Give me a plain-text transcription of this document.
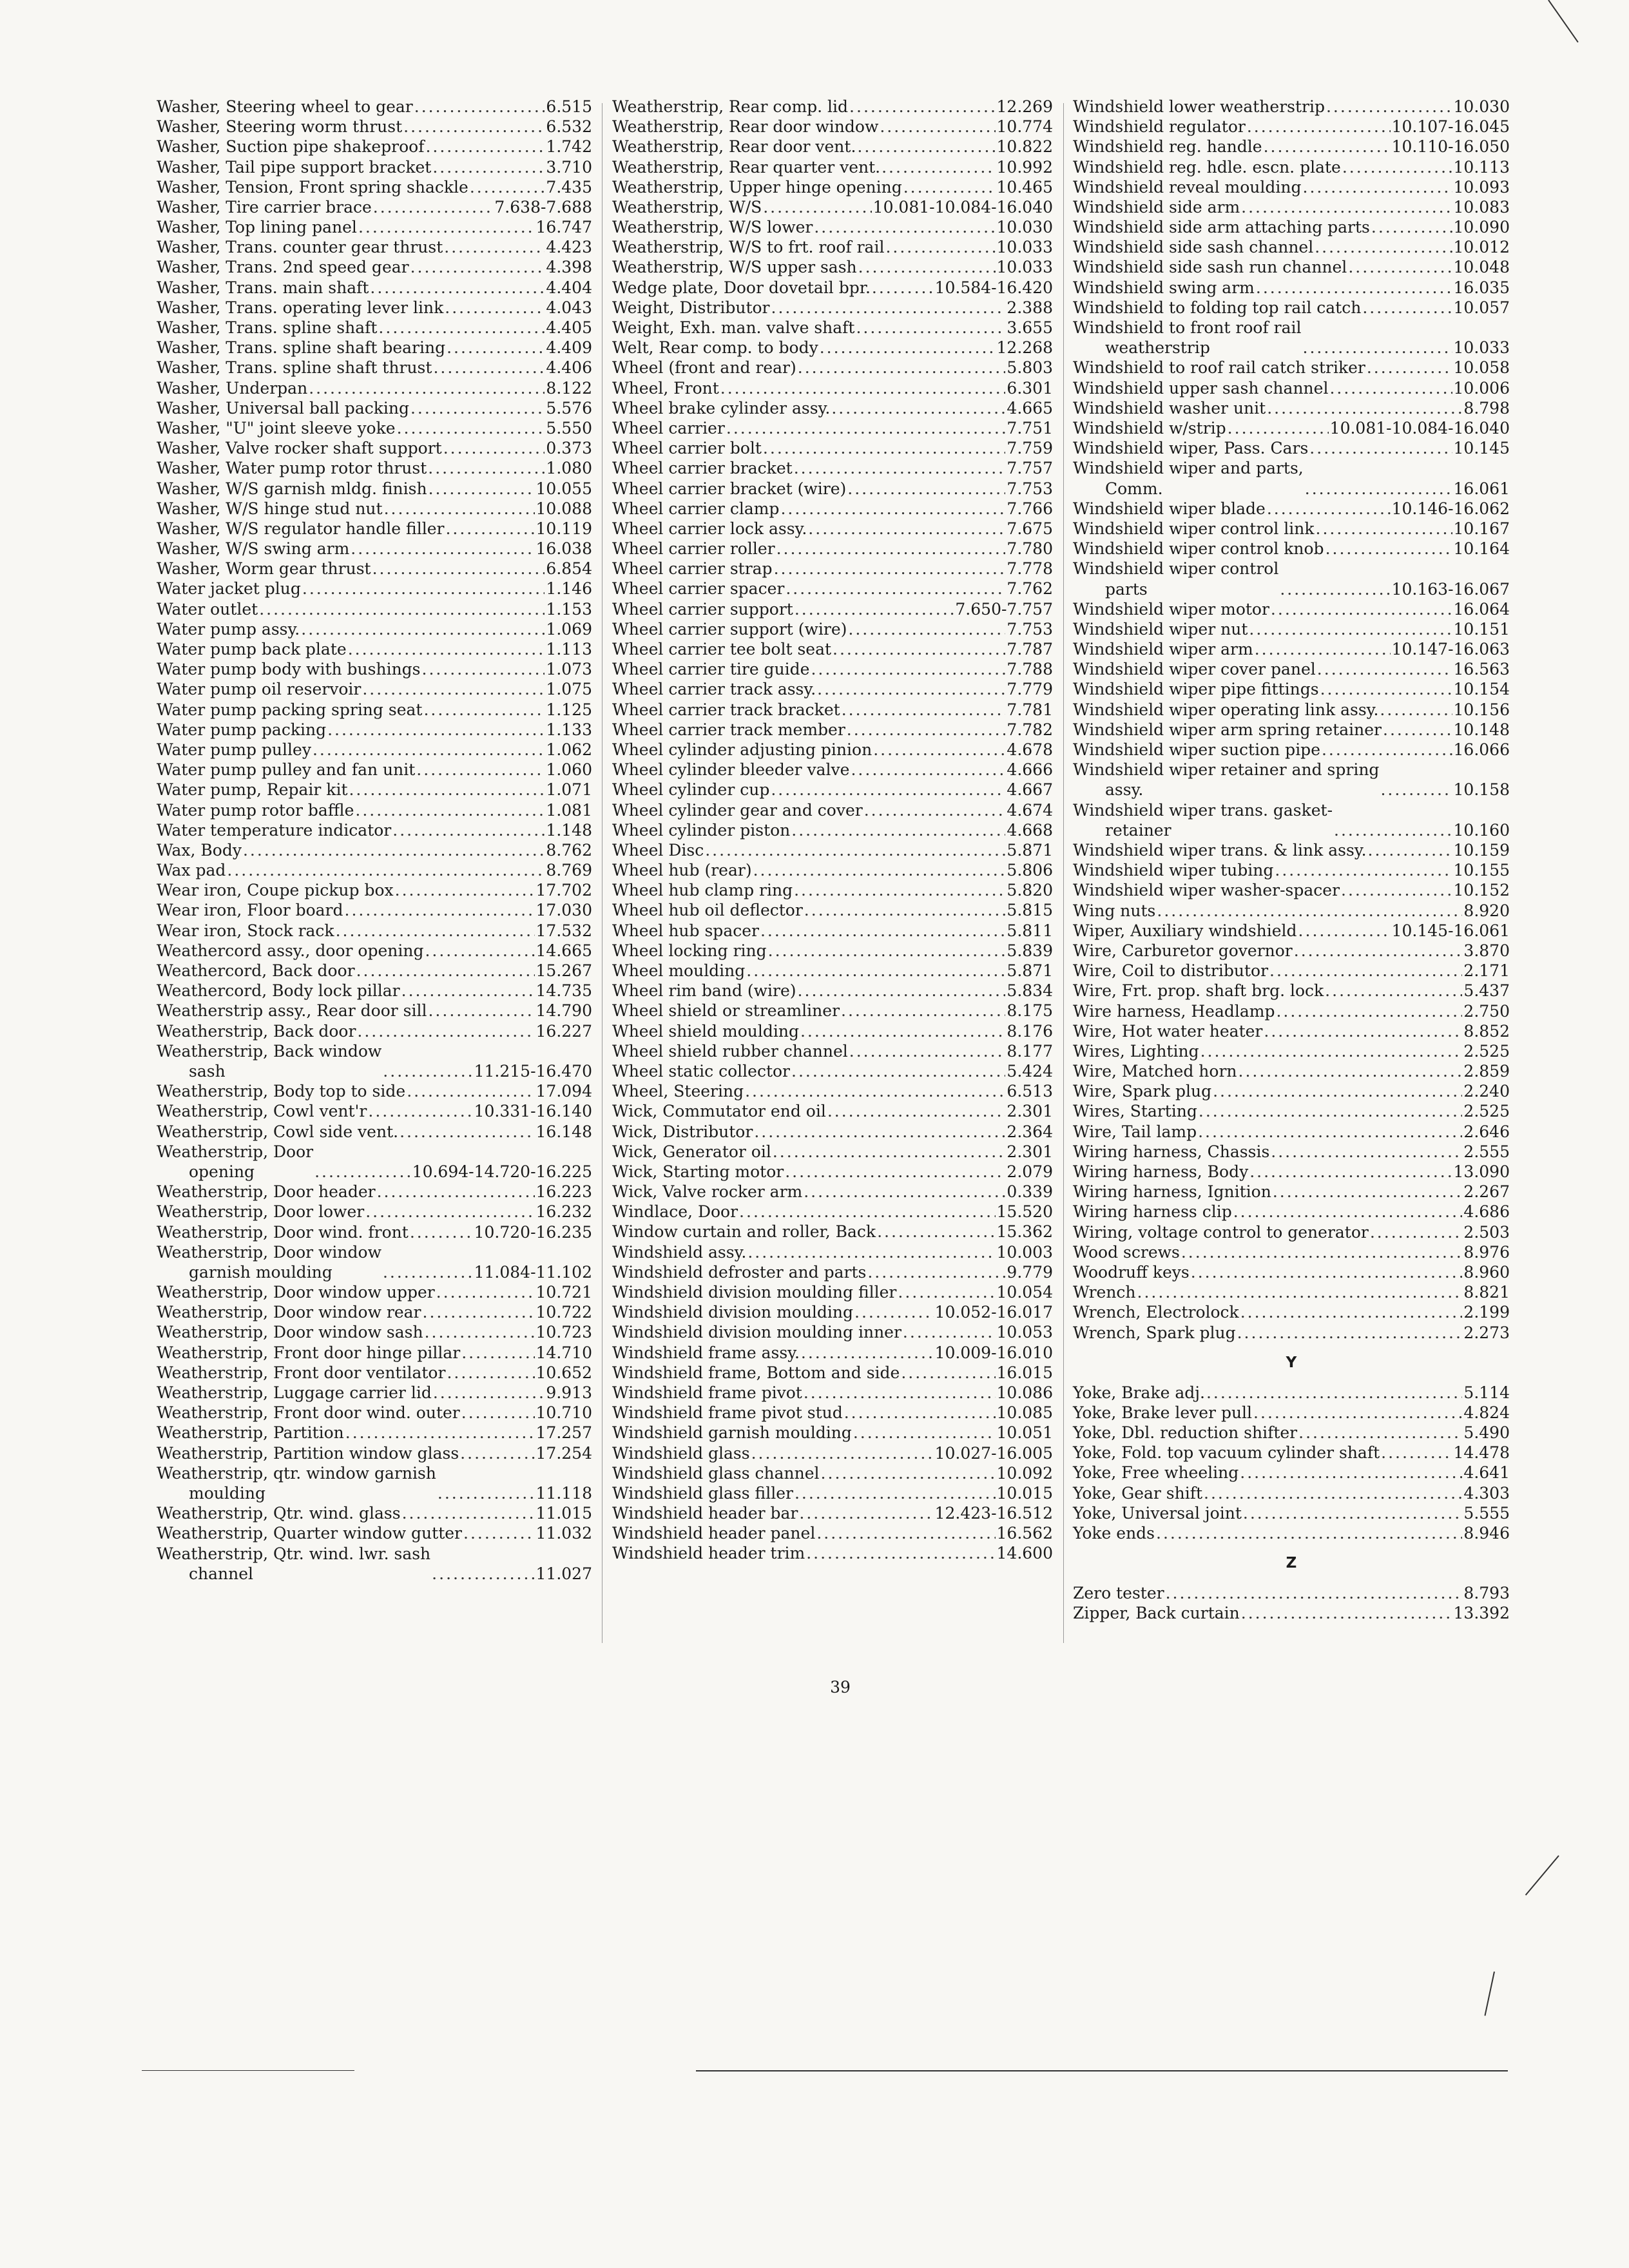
Washer, Steering wheel to gear .....	6.515
Washer, Steering worm thrust .....	6.532
Washer, Suction pipe shakeproof .....	1.742
Washer, Tail pipe support bracket .....	3.710
Washer, Tension, Front spring shackle .....	7.435
Washer, Tire carrier brace .....	7.638-7.688
Washer, Top lining panel .....	16.747
Washer, Trans. counter gear thrust .....	4.423
Washer, Trans. 2nd speed gear .....	4.398
Washer, Trans. main shaft .....	4.404
Washer, Trans. operating lever link .....	4.043
Washer, Trans. spline shaft .....	4.405
Washer, Trans. spline shaft bearing .....	4.409
Washer, Trans. spline shaft thrust .....	4.406
Washer, Underpan .....	8.122
Washer, Universal ball packing .....	5.576
Washer, "U" joint sleeve yoke .....	5.550
Washer, Valve rocker shaft support .....	0.373
Washer, Water pump rotor thrust .....	1.080
Washer, W/S garnish mldg. finish .....	10.055
Washer, W/S hinge stud nut .....	10.088
Washer, W/S regulator handle filler .....	10.119
Washer, W/S swing arm .....	16.038
Washer, Worm gear thrust .....	6.854
Water jacket plug .....	1.146
Water outlet .....	1.153
Water pump assy. .....	1.069
Water pump back plate .....	1.113
Water pump body with bushings .....	1.073
Water pump oil reservoir .....	1.075
Water pump packing spring seat .....	1.125
Water pump packing .....	1.133
Water pump pulley .....	1.062
Water pump pulley and fan unit .....	1.060
Water pump, Repair kit .....	1.071
Water pump rotor baffle .....	1.081
Water temperature indicator .....	1.148
Wax, Body .....	8.762
Wax pad .....	8.769
Wear iron, Coupe pickup box .....	17.702
Wear iron, Floor board .....	17.030
Wear iron, Stock rack .....	17.532
Weathercord assy., door opening .....	14.665
Weathercord, Back door .....	15.267
Weathercord, Body lock pillar .....	14.735
Weatherstrip assy., Rear door sill .....	14.790
Weatherstrip, Back door .....	16.227
Weatherstrip, Back window
sash .....	11.215-16.470
Weatherstrip, Body top to side .....	17.094
Weatherstrip, Cowl vent'r .....	10.331-16.140
Weatherstrip, Cowl side vent. .....	16.148
Weatherstrip, Door
opening .....	10.694-14.720-16.225
Weatherstrip, Door header .....	16.223
Weatherstrip, Door lower .....	16.232
Weatherstrip, Door wind. front .....	10.720-16.235
Weatherstrip, Door window
garnish moulding .....	11.084-11.102
Weatherstrip, Door window upper .....	10.721
Weatherstrip, Door window rear .....	10.722
Weatherstrip, Door window sash .....	10.723
Weatherstrip, Front door hinge pillar .....	14.710
Weatherstrip, Front door ventilator .....	10.652
Weatherstrip, Luggage carrier lid .....	9.913
Weatherstrip, Front door wind. outer .....	10.710
Weatherstrip, Partition .....	17.257
Weatherstrip, Partition window glass .....	17.254
Weatherstrip, qtr. window garnish
moulding .....	11.118
Weatherstrip, Qtr. wind. glass .....	11.015
Weatherstrip, Quarter window gutter .....	11.032
Weatherstrip, Qtr. wind. lwr. sash
channel .....	11.027
Weatherstrip, Rear comp. lid .....	12.269
Weatherstrip, Rear door window .....	10.774
Weatherstrip, Rear door vent. .....	10.822
Weatherstrip, Rear quarter vent. .....	10.992
Weatherstrip, Upper hinge opening .....	10.465
Weatherstrip, W/S .....	10.081-10.084-16.040
Weatherstrip, W/S lower .....	10.030
Weatherstrip, W/S to frt. roof rail .....	10.033
Weatherstrip, W/S upper sash .....	10.033
Wedge plate, Door dovetail bpr. .....	10.584-16.420
Weight, Distributor .....	2.388
Weight, Exh. man. valve shaft .....	3.655
Welt, Rear comp. to body .....	12.268
Wheel (front and rear) .....	5.803
Wheel, Front .....	6.301
Wheel brake cylinder assy. .....	4.665
Wheel carrier .....	7.751
Wheel carrier bolt .....	7.759
Wheel carrier bracket .....	7.757
Wheel carrier bracket (wire) .....	7.753
Wheel carrier clamp .....	7.766
Wheel carrier lock assy. .....	7.675
Wheel carrier roller .....	7.780
Wheel carrier strap .....	7.778
Wheel carrier spacer .....	7.762
Wheel carrier support .....	7.650-7.757
Wheel carrier support (wire) .....	7.753
Wheel carrier tee bolt seat .....	7.787
Wheel carrier tire guide .....	7.788
Wheel carrier track assy. .....	7.779
Wheel carrier track bracket .....	7.781
Wheel carrier track member .....	7.782
Wheel cylinder adjusting pinion .....	4.678
Wheel cylinder bleeder valve .....	4.666
Wheel cylinder cup .....	4.667
Wheel cylinder gear and cover .....	4.674
Wheel cylinder piston .....	4.668
Wheel Disc .....	5.871
Wheel hub (rear) .....	5.806
Wheel hub clamp ring .....	5.820
Wheel hub oil deflector .....	5.815
Wheel hub spacer .....	5.811
Wheel locking ring .....	5.839
Wheel moulding .....	5.871
Wheel rim band (wire) .....	5.834
Wheel shield or streamliner .....	8.175
Wheel shield moulding .....	8.176
Wheel shield rubber channel .....	8.177
Wheel static collector .....	5.424
Wheel, Steering .....	6.513
Wick, Commutator end oil .....	2.301
Wick, Distributor .....	2.364
Wick, Generator oil .....	2.301
Wick, Starting motor .....	2.079
Wick, Valve rocker arm .....	0.339
Windlace, Door .....	15.520
Window curtain and roller, Back .....	15.362
Windshield assy. .....	10.003
Windshield defroster and parts .....	9.779
Windshield division moulding filler .....	10.054
Windshield division moulding .....	10.052-16.017
Windshield division moulding inner .....	10.053
Windshield frame assy. .....	10.009-16.010
Windshield frame, Bottom and side .....	16.015
Windshield frame pivot .....	10.086
Windshield frame pivot stud .....	10.085
Windshield garnish moulding .....	10.051
Windshield glass .....	10.027-16.005
Windshield glass channel .....	10.092
Windshield glass filler .....	10.015
Windshield header bar .....	12.423-16.512
Windshield header panel .....	16.562
Windshield header trim .....	14.600
Windshield lower weatherstrip .....	10.030
Windshield regulator .....	10.107-16.045
Windshield reg. handle .....	10.110-16.050
Windshield reg. hdle. escn. plate .....	10.113
Windshield reveal moulding .....	10.093
Windshield side arm .....	10.083
Windshield side arm attaching parts .....	10.090
Windshield side sash channel .....	10.012
Windshield side sash run channel .....	10.048
Windshield swing arm .....	16.035
Windshield to folding top rail catch .....	10.057
Windshield to front roof rail
weatherstrip .....	10.033
Windshield to roof rail catch striker .....	10.058
Windshield upper sash channel .....	10.006
Windshield washer unit .....	8.798
Windshield w/strip .....	10.081-10.084-16.040
Windshield wiper, Pass. Cars .....	10.145
Windshield wiper and parts,
Comm. .....	16.061
Windshield wiper blade .....	10.146-16.062
Windshield wiper control link .....	10.167
Windshield wiper control knob .....	10.164
Windshield wiper control
parts .....	10.163-16.067
Windshield wiper motor .....	16.064
Windshield wiper nut .....	10.151
Windshield wiper arm .....	10.147-16.063
Windshield wiper cover panel .....	16.563
Windshield wiper pipe fittings .....	10.154
Windshield wiper operating link assy. .....	10.156
Windshield wiper arm spring retainer .....	10.148
Windshield wiper suction pipe .....	16.066
Windshield wiper retainer and spring
assy. .....	10.158
Windshield wiper trans. gasket-
retainer .....	10.160
Windshield wiper trans. & link assy. .....	10.159
Windshield wiper tubing .....	10.155
Windshield wiper washer-spacer .....	10.152
Wing nuts .....	8.920
Wiper, Auxiliary windshield .....	10.145-16.061
Wire, Carburetor governor .....	3.870
Wire, Coil to distributor .....	2.171
Wire, Frt. prop. shaft brg. lock .....	5.437
Wire harness, Headlamp .....	2.750
Wire, Hot water heater .....	8.852
Wires, Lighting .....	2.525
Wire, Matched horn .....	2.859
Wire, Spark plug .....	2.240
Wires, Starting .....	2.525
Wire, Tail lamp .....	2.646
Wiring harness, Chassis .....	2.555
Wiring harness, Body .....	13.090
Wiring harness, Ignition .....	2.267
Wiring harness clip .....	4.686
Wiring, voltage control to generator .....	2.503
Wood screws .....	8.976
Woodruff keys .....	8.960
Wrench .....	8.821
Wrench, Electrolock .....	2.199
Wrench, Spark plug .....	2.273
Y
Yoke, Brake adj. .....	5.114
Yoke, Brake lever pull .....	4.824
Yoke, Dbl. reduction shifter .....	5.490
Yoke, Fold. top vacuum cylinder shaft .....	14.478
Yoke, Free wheeling .....	4.641
Yoke, Gear shift .....	4.303
Yoke, Universal joint .....	5.555
Yoke ends .....	8.946
Z
Zero tester .....	8.793
Zipper, Back curtain .....	13.392
39
